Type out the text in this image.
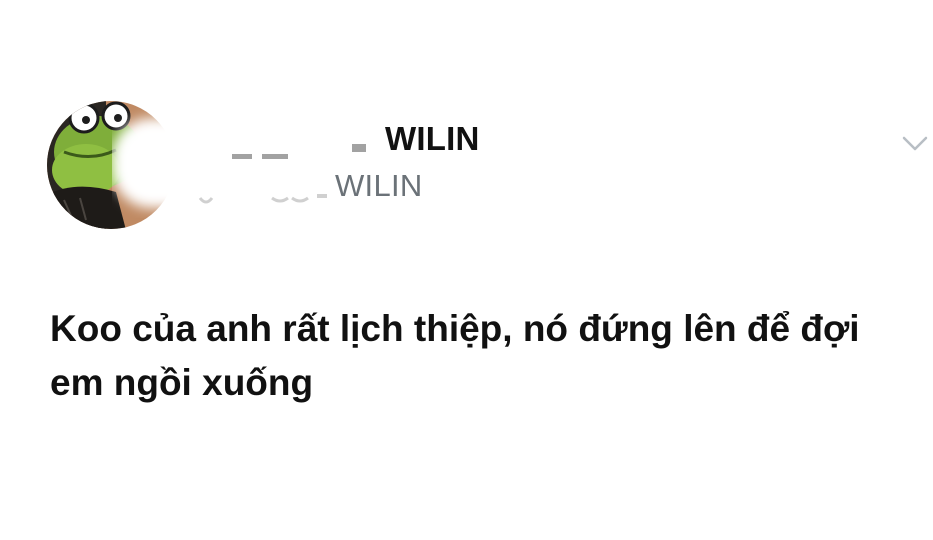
WILIN
WILIN

Koo của anh rất lịch thiệp, nó đứng lên để đợi em ngồi xuống
